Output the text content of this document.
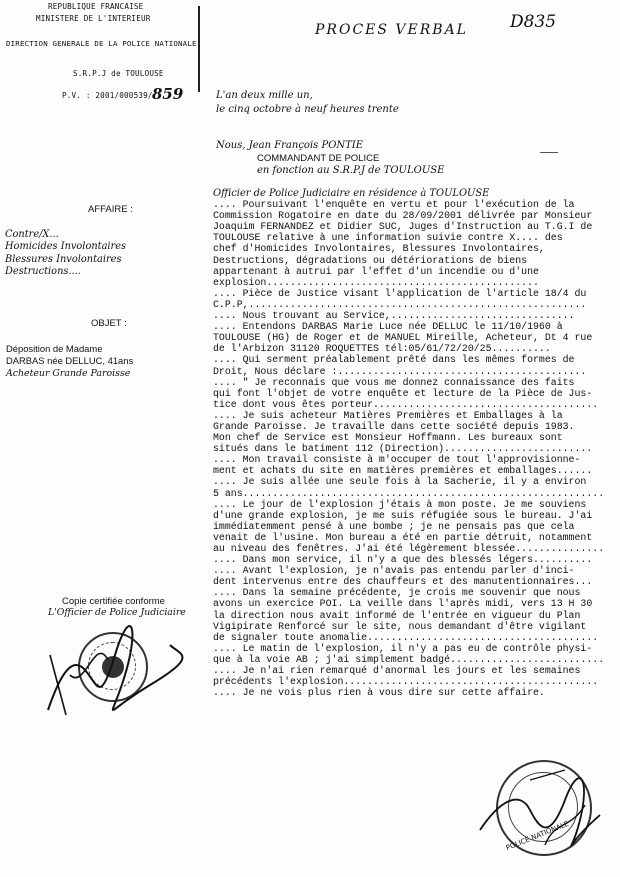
REPUBLIQUE FRANCAISE
MINISTERE DE L'INTERIEUR
DIRECTION GENERALE DE LA POLICE NATIONALE
S.R.P.J de TOULOUSE
P.V. : 2001/000539/ 859
PROCES VERBAL D835
L'an deux mille un,
le cinq octobre à neuf heures trente
Nous, Jean François PONTIE
COMMANDANT DE POLICE
en fonction au S.R.P.J de TOULOUSE
AFFAIRE :
Contre/X...
Homicides Involontaires
Blessures Involontaires
Destructions....
OBJET :
Déposition de Madame
DARBAS née DELLUC, 41ans
Acheteur Grande Paroisse
Copie certifiée conforme
L'Officier de Police Judiciaire
Officier de Police Judiciaire en résidence à TOULOUSE
.... Poursuivant l'enquête en vertu et pour l'exécution de la
Commission Rogatoire en date du 28/09/2001 délivrée par Monsieur
Joaquim FERNANDEZ et Didier SUC, Juges d'Instruction au T.G.I de
TOULOUSE relative à une information suivie contre X.... des
chef d'Homicides Involontaires, Blessures Involontaires,
Destructions, dégradations ou détériorations de biens
appartenant à autrui par l'effet d'un incendie ou d'une
explosion..............................................
.... Pièce de Justice visant l'application de l'article 18/4 du
C.P.P,.........................................................
.... Nous trouvant au Service,...............................
.... Entendons DARBAS Marie Luce née DELLUC le 11/10/1960 à
TOULOUSE (HG) de Roger et de MANUEL Mireille, Acheteur, Dt 4 rue
de l'Arbizon 31120 ROQUETTES tél:05/61/72/20/25..........
.... Qui serment préalablement prêté dans les mêmes formes de
Droit, Nous déclare :..........................................
.... " Je reconnais que vous me donnez connaissance des faits
qui font l'objet de votre enquête et lecture de la Pièce de Jus-
tice dont vous êtes porteur......................................
.... Je suis acheteur Matières Premières et Emballages à la
Grande Paroisse. Je travaille dans cette société depuis 1983.
Mon chef de Service est Monsieur Hoffmann. Les bureaux sont
situés dans le batiment 112 (Direction).........................
.... Mon travail consiste à m'occuper de tout l'approvisionne-
ment et achats du site en matières premières et emballages......
.... Je suis allée une seule fois à la Sacherie, il y a environ
5 ans.............................................................
.... Le jour de l'explosion j'étais à mon poste. Je me souviens
d'une grande explosion, je me suis réfugiée sous le bureau. J'ai
immédiatemment pensé à une bombe ; je ne pensais pas que cela
venait de l'usine. Mon bureau a été en partie détruit, notamment
au niveau des fenêtres. J'ai été légèrement blessée...............
.... Dans mon service, il n'y a que des blessés légers..........
.... Avant l'explosion, je n'avais pas entendu parler d'inci-
dent intervenus entre des chauffeurs et des manutentionnaires...
.... Dans la semaine précédente, je crois me souvenir que nous
avons un exercice POI. La veille dans l'après midi, vers 13 H 30
la direction nous avait informé de l'entrée en vigueur du Plan
Vigipirate Renforcé sur le site, nous demandant d'être vigilant
de signaler toute anomalie.......................................
.... Le matin de l'explosion, il n'y a pas eu de contrôle physi-
que à la voie AB ; j'ai simplement badgé..........................
.... Je n'ai rien remarqué d'anormal les jours et les semaines
précédents l'explosion...........................................
.... Je ne vois plus rien à vous dire sur cette affaire.
POLICE NATIONALE
